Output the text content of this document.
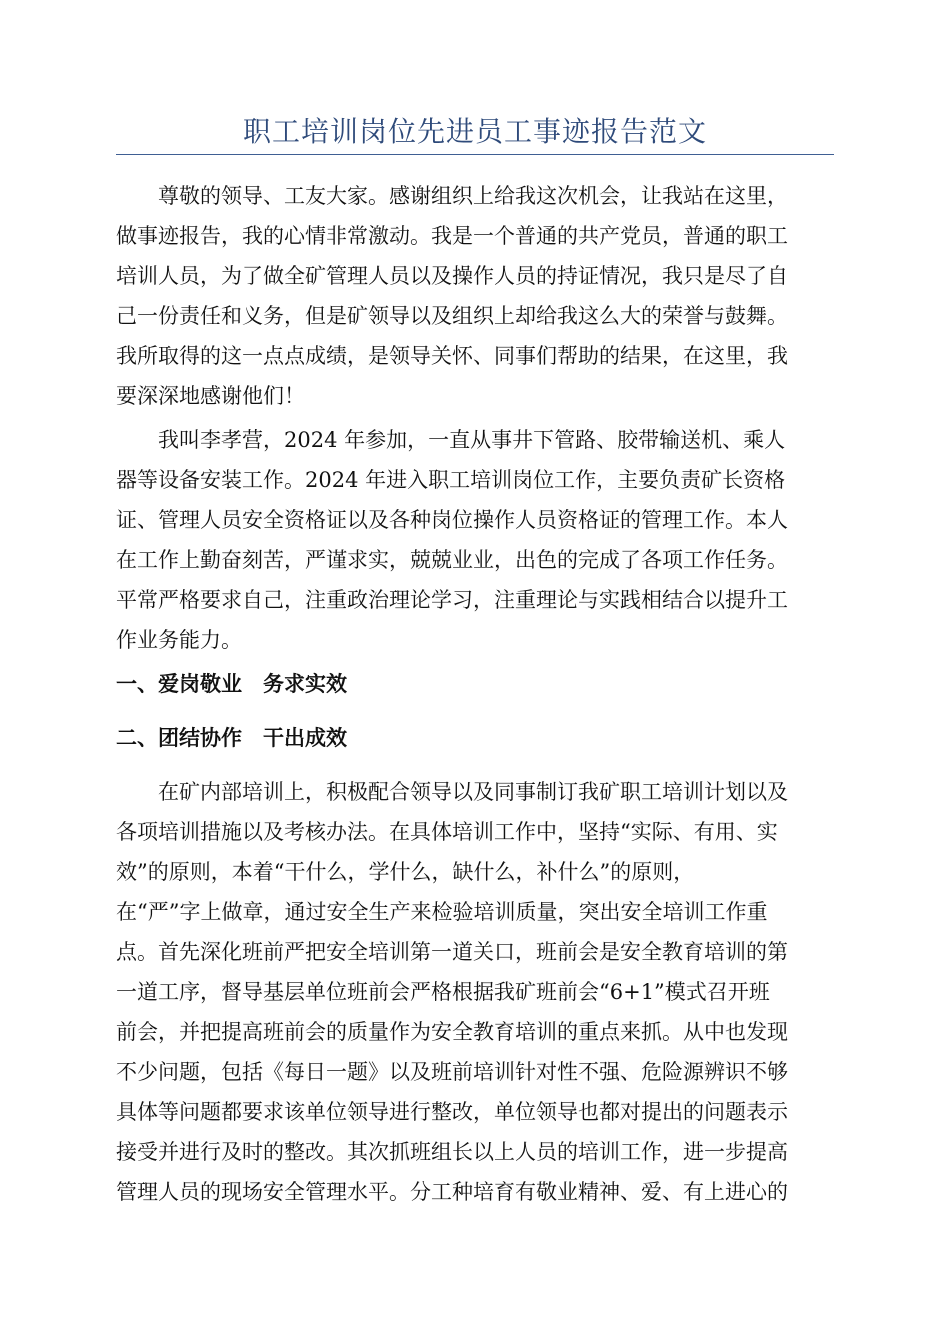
职工培训岗位先进员工事迹报告范文
尊敬的领导、工友大家。感谢组织上给我这次机会，让我站在这里，
做事迹报告，我的心情非常激动。我是一个普通的共产党员，普通的职工
培训人员，为了做全矿管理人员以及操作人员的持证情况，我只是尽了自
己一份责任和义务，但是矿领导以及组织上却给我这么大的荣誉与鼓舞。
我所取得的这一点点成绩，是领导关怀、同事们帮助的结果，在这里，我
要深深地感谢他们！
我叫李孝营，2024 年参加，一直从事井下管路、胶带输送机、乘人
器等设备安装工作。2024 年进入职工培训岗位工作，主要负责矿长资格
证、管理人员安全资格证以及各种岗位操作人员资格证的管理工作。本人
在工作上勤奋刻苦，严谨求实，兢兢业业，出色的完成了各项工作任务。
平常严格要求自己，注重政治理论学习，注重理论与实践相结合以提升工
作业务能力。
一、爱岗敬业　务求实效
二、团结协作　干出成效
在矿内部培训上，积极配合领导以及同事制订我矿职工培训计划以及
各项培训措施以及考核办法。在具体培训工作中，坚持“实际、有用、实
效”的原则，本着“干什么，学什么，缺什么，补什么”的原则，
在“严”字上做章，通过安全生产来检验培训质量，突出安全培训工作重
点。首先深化班前严把安全培训第一道关口，班前会是安全教育培训的第
一道工序，督导基层单位班前会严格根据我矿班前会“6+1”模式召开班
前会，并把提高班前会的质量作为安全教育培训的重点来抓。从中也发现
不少问题，包括《每日一题》以及班前培训针对性不强、危险源辨识不够
具体等问题都要求该单位领导进行整改，单位领导也都对提出的问题表示
接受并进行及时的整改。其次抓班组长以上人员的培训工作，进一步提高
管理人员的现场安全管理水平。分工种培育有敬业精神、爱、有上进心的
